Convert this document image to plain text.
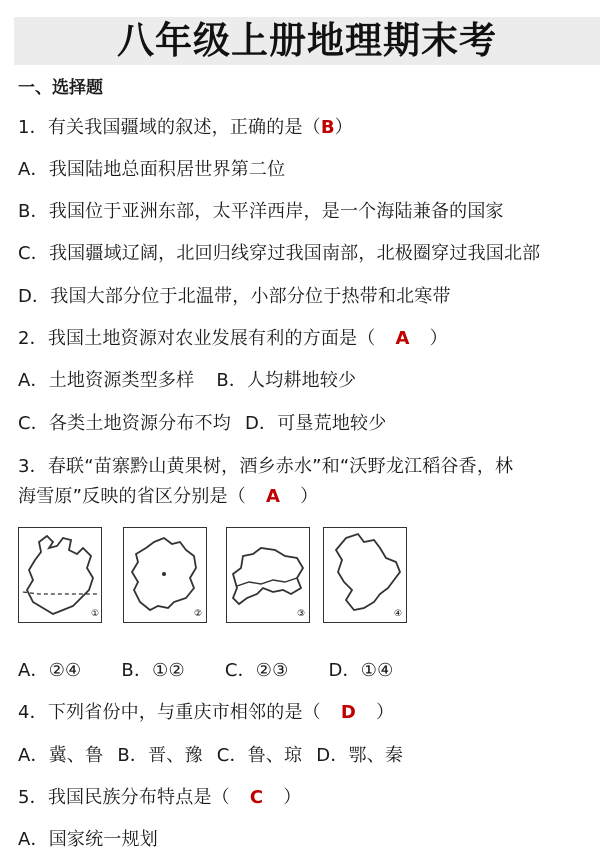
八年级上册地理期末考
一、选择题
1．有关我国疆域的叙述，正确的是（B）
A．我国陆地总面积居世界第二位
B．我国位于亚洲东部，太平洋西岸，是一个海陆兼备的国家
C．我国疆域辽阔，北回归线穿过我国南部，北极圈穿过我国北部
D．我国大部分位于北温带，小部分位于热带和北寒带
2．我国土地资源对农业发展有利的方面是（ A ）
A．土地资源类型多样 B．人均耕地较少
C．各类土地资源分布不均 D．可垦荒地较少
3．春联“苗寨黔山黄果树，酒乡赤水”和“沃野龙江稻谷香，林
海雪原”反映的省区分别是（ A ）
①	②	③	④
A．②④ B．①② C．②③ D．①④
4．下列省份中，与重庆市相邻的是（ D ）
A．冀、鲁 B．晋、豫 C．鲁、琼 D．鄂、秦
5．我国民族分布特点是（ C ）
A．国家统一规划
